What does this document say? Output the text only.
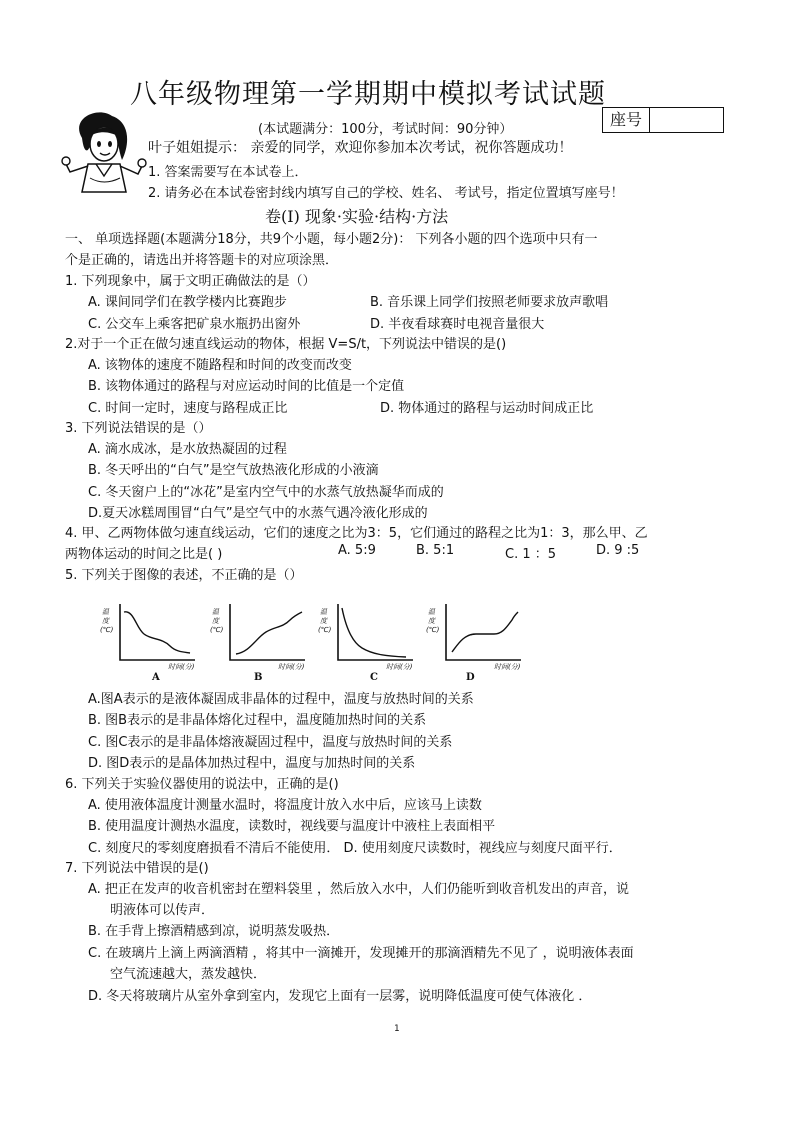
八年级物理第一学期期中模拟考试试题
座号
(本试题满分：100分，考试时间：90分钟）
叶子姐姐提示： 亲爱的同学，欢迎你参加本次考试，祝你答题成功！
1. 答案需要写在本试卷上．
2. 请务必在本试卷密封线内填写自己的学校、姓名、 考试号，指定位置填写座号！
卷(Ⅰ) 现象·实验·结构·方法
一、 单项选择题(本题满分18分，共9个小题，每小题2分)： 下列各小题的四个选项中只有一
个是正确的，请选出并将答题卡的对应项涂黑．
1. 下列现象中，属于文明正确做法的是（）
A. 课间同学们在教学楼内比赛跑步	B. 音乐课上同学们按照老师要求放声歌唱
C. 公交车上乘客把矿泉水瓶扔出窗外	D. 半夜看球赛时电视音量很大
2.对于一个正在做匀速直线运动的物体，根据 V=S/t，下列说法中错误的是()
A. 该物体的速度不随路程和时间的改变而改变
B. 该物体通过的路程与对应运动时间的比值是一个定值
C. 时间一定时，速度与路程成正比	D. 物体通过的路程与运动时间成正比
3. 下列说法错误的是（）
A. 滴水成冰，是水放热凝固的过程
B. 冬天呼出的“白气”是空气放热液化形成的小液滴
C. 冬天窗户上的“冰花”是室内空气中的水蒸气放热凝华而成的
D.夏天冰糕周围冒“白气”是空气中的水蒸气遇冷液化形成的
4. 甲、乙两物体做匀速直线运动，它们的速度之比为3：5，它们通过的路程之比为1：3，那么甲、乙
两物体运动的时间之比是( )	A. 5:9	B. 5:1	C. 1 ：5	D. 9 :5
5. 下列关于图像的表述，不正确的是（）
温
度
(℃)
时间(分)
A
温
度
(℃)
时间(分)
B
温
度
(℃)
时间(分)
C
温
度
(℃)
时间(分)
D
A.图A表示的是液体凝固成非晶体的过程中，温度与放热时间的关系
B. 图B表示的是非晶体熔化过程中，温度随加热时间的关系
C. 图C表示的是非晶体熔液凝固过程中，温度与放热时间的关系
D. 图D表示的是晶体加热过程中，温度与加热时间的关系
6. 下列关于实验仪器使用的说法中，正确的是()
A. 使用液体温度计测量水温时，将温度计放入水中后，应该马上读数
B. 使用温度计测热水温度，读数时，视线要与温度计中液柱上表面相平
C. 刻度尺的零刻度磨损看不清后不能使用． D. 使用刻度尺读数时，视线应与刻度尺面平行．
7. 下列说法中错误的是()
A. 把正在发声的收音机密封在塑料袋里 ，然后放入水中，人们仍能听到收音机发出的声音，说
明液体可以传声．
B. 在手背上擦酒精感到凉，说明蒸发吸热．
C. 在玻璃片上滴上两滴酒精 ，将其中一滴摊开，发现摊开的那滴酒精先不见了 ，说明液体表面
空气流速越大，蒸发越快．
D. 冬天将玻璃片从室外拿到室内，发现它上面有一层雾，说明降低温度可使气体液化 ．
1
